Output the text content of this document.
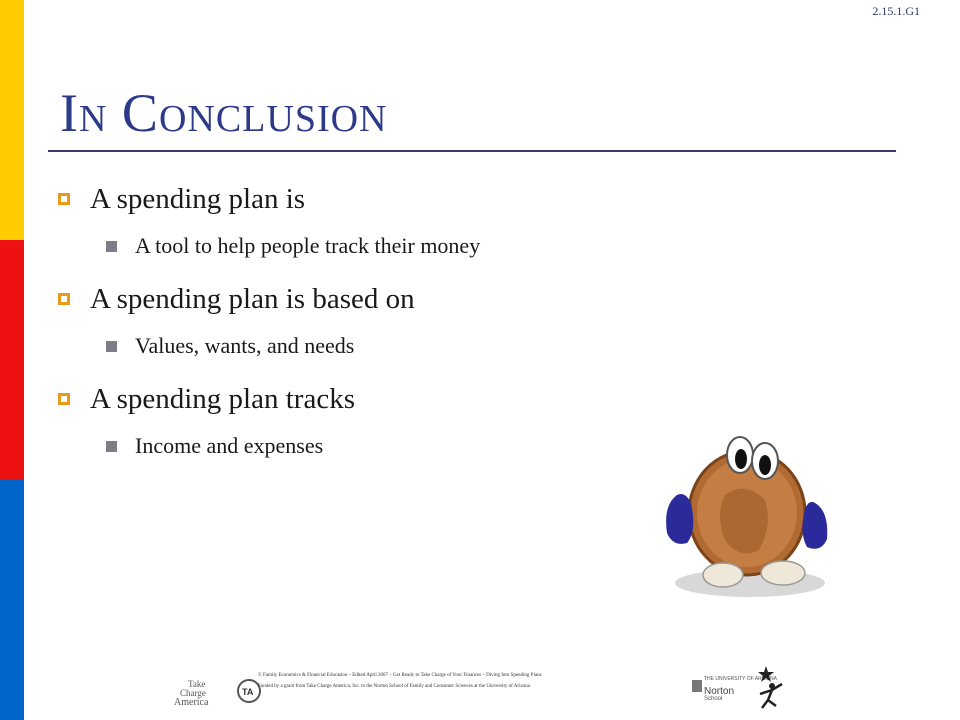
2.15.1.G1
In Conclusion
A spending plan is
A tool to help people track their money
A spending plan is based on
Values, wants, and needs
A spending plan tracks
Income and expenses
Take
Charge
America
TA
© Family Economics & Financial Education – Edited April 2007 – Get Ready to Take Charge of Your Finances – Diving Into Spending Plans
Funded by a grant from Take Charge America, Inc. to the Norton School of Family and Consumer Sciences at the University of Arizona
THE UNIVERSITY OF ARIZONA
Norton
School
